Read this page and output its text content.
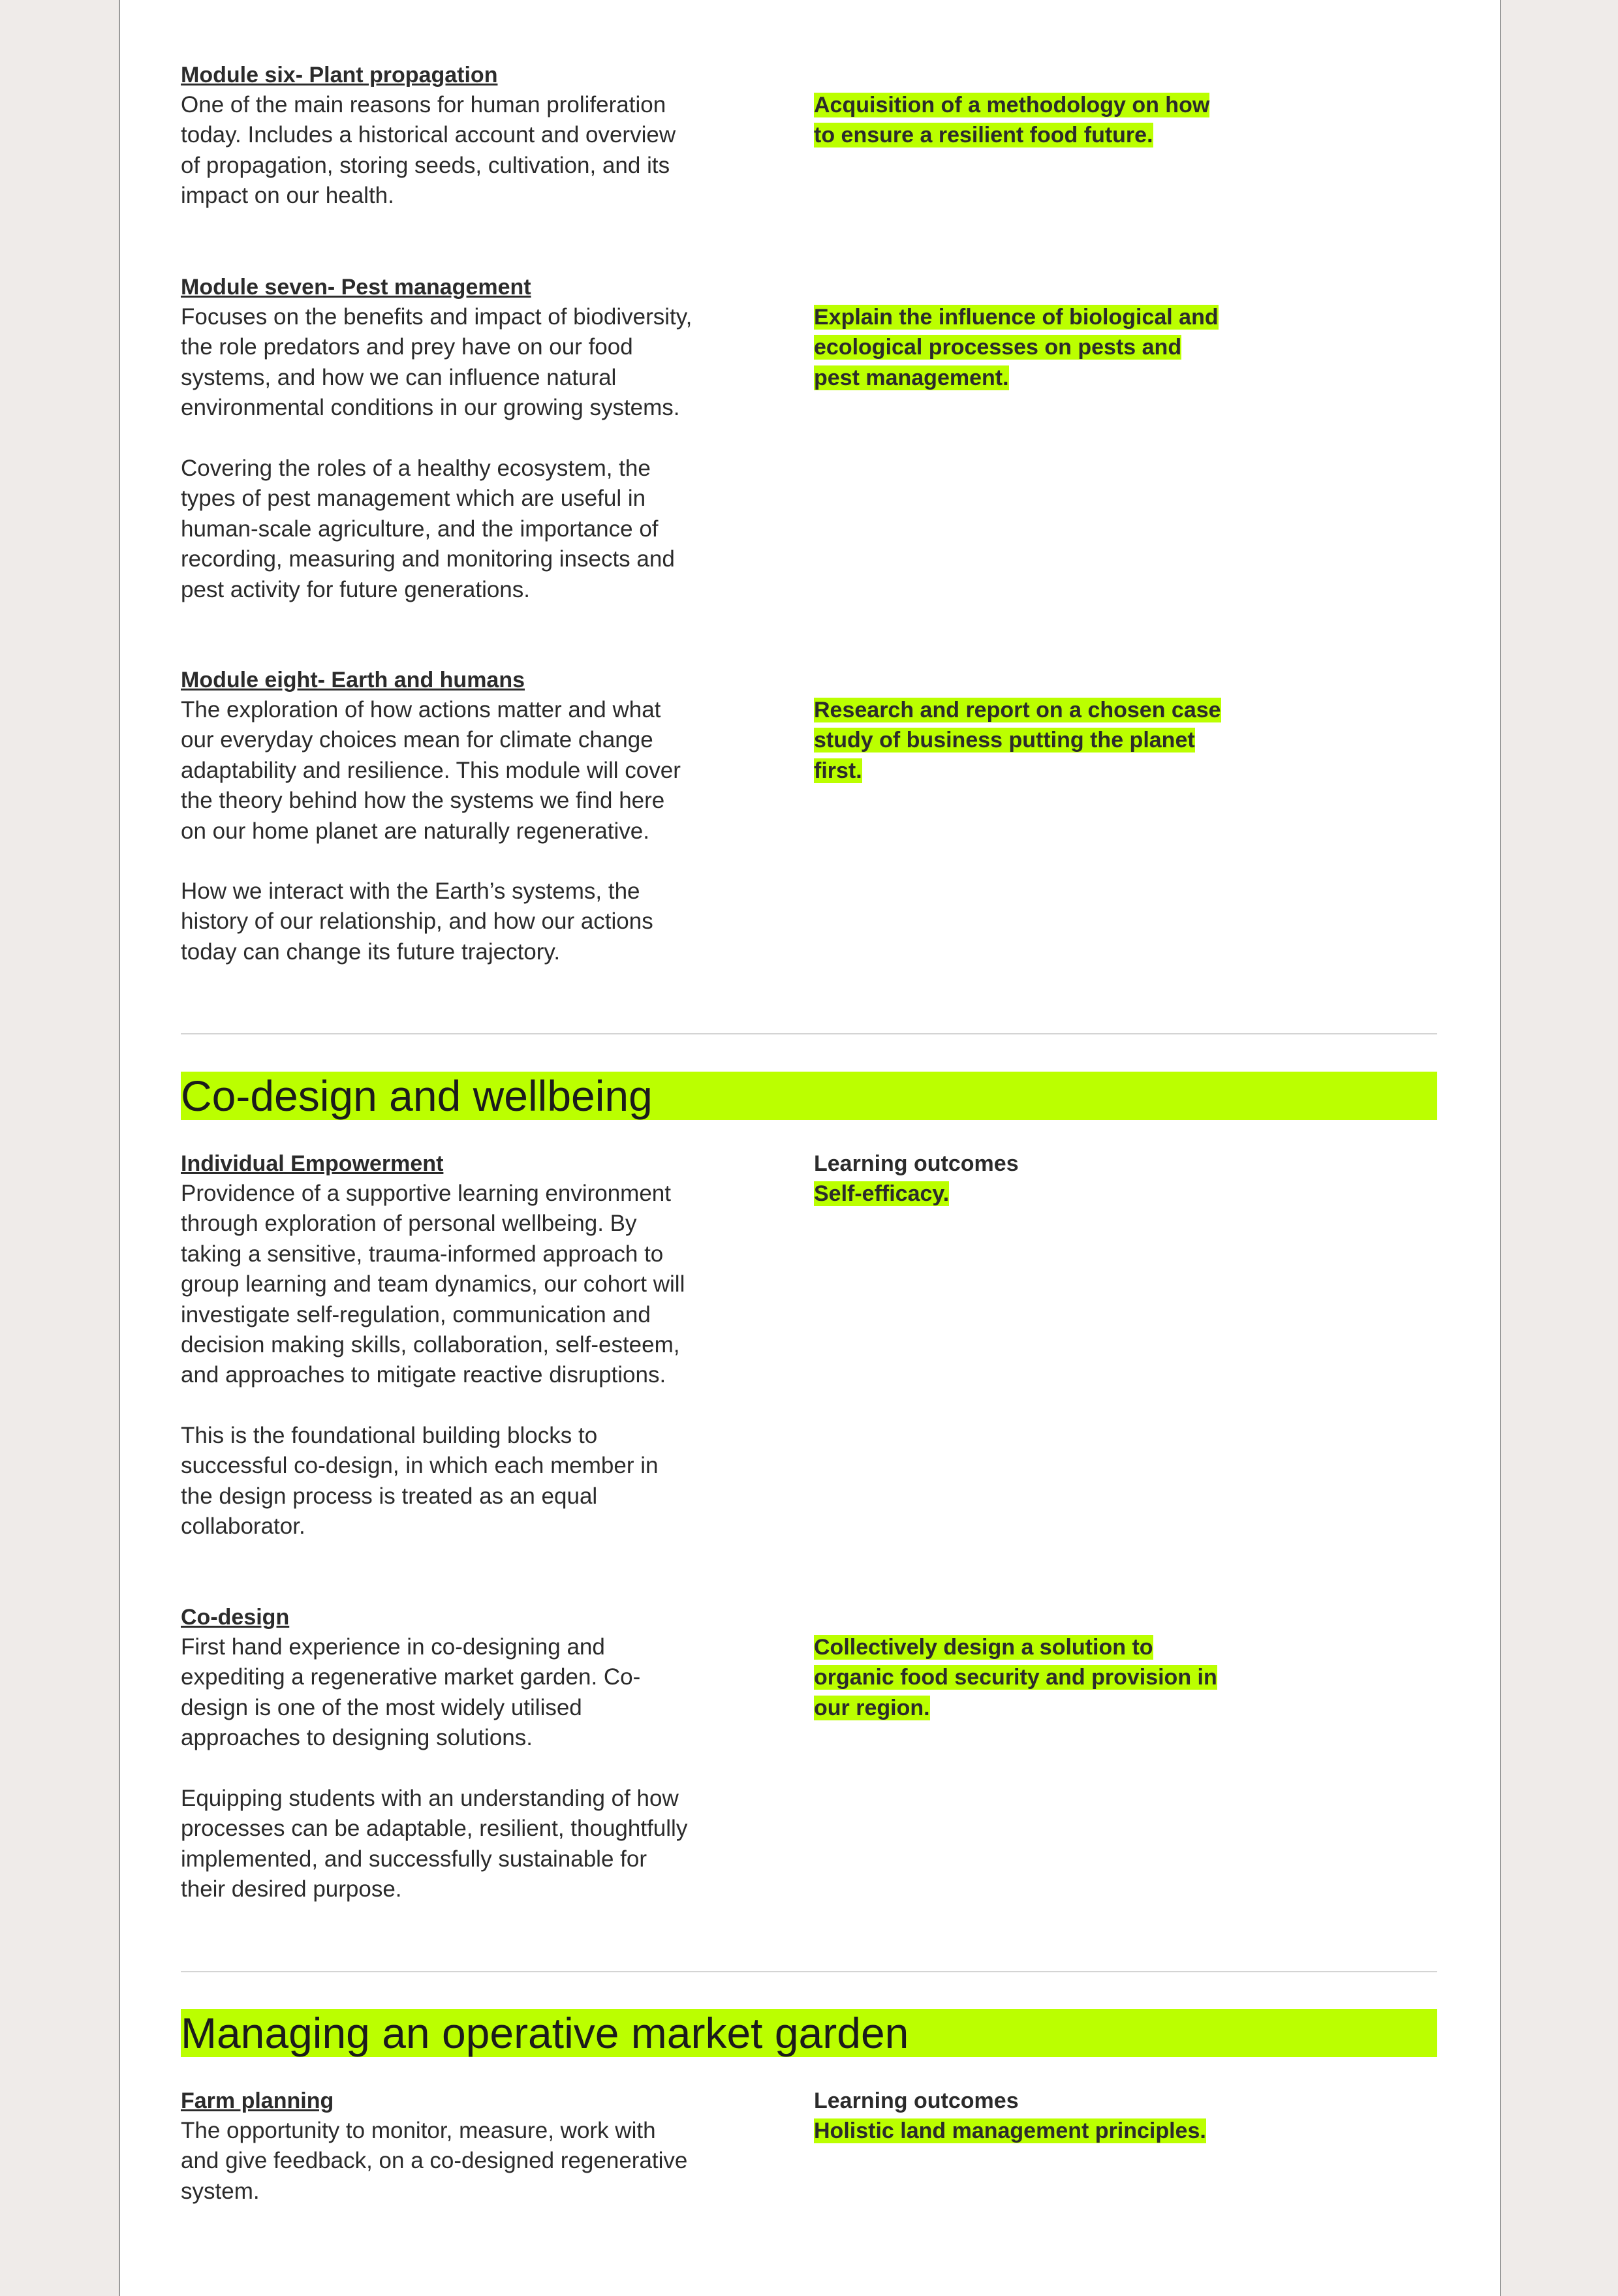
Module six- Plant propagation
One of the main reasons for human proliferation
today. Includes a historical account and overview
of propagation, storing seeds, cultivation, and its
impact on our health.
Acquisition of a methodology on how to ensure a resilient food future.
Module seven- Pest management
Focuses on the benefits and impact of biodiversity,
the role predators and prey have on our food
systems, and how we can influence natural
environmental conditions in our growing systems.
Covering the roles of a healthy ecosystem, the
types of pest management which are useful in
human-scale agriculture, and the importance of
recording, measuring and monitoring insects and
pest activity for future generations.
Explain the influence of biological and ecological processes on pests and pest management.
Module eight- Earth and humans
The exploration of how actions matter and what
our everyday choices mean for climate change
adaptability and resilience. This module will cover
the theory behind how the systems we find here
on our home planet are naturally regenerative.
How we interact with the Earth’s systems, the
history of our relationship, and how our actions
today can change its future trajectory.
Research and report on a chosen case study of business putting the planet first.
Co-design and wellbeing
Individual Empowerment
Providence of a supportive learning environment
through exploration of personal wellbeing. By
taking a sensitive, trauma-informed approach to
group learning and team dynamics, our cohort will
investigate self-regulation, communication and
decision making skills, collaboration, self-esteem,
and approaches to mitigate reactive disruptions.
This is the foundational building blocks to
successful co-design, in which each member in
the design process is treated as an equal
collaborator.
Learning outcomes
Self-efficacy.
Co-design
First hand experience in co-designing and
expediting a regenerative market garden. Co-
design is one of the most widely utilised
approaches to designing solutions.
Equipping students with an understanding of how
processes can be adaptable, resilient, thoughtfully
implemented, and successfully sustainable for
their desired purpose.
Collectively design a solution to organic food security and provision in our region.
Managing an operative market garden
Farm planning
The opportunity to monitor, measure, work with
and give feedback, on a co-designed regenerative
system.
Learning outcomes
Holistic land management principles.
